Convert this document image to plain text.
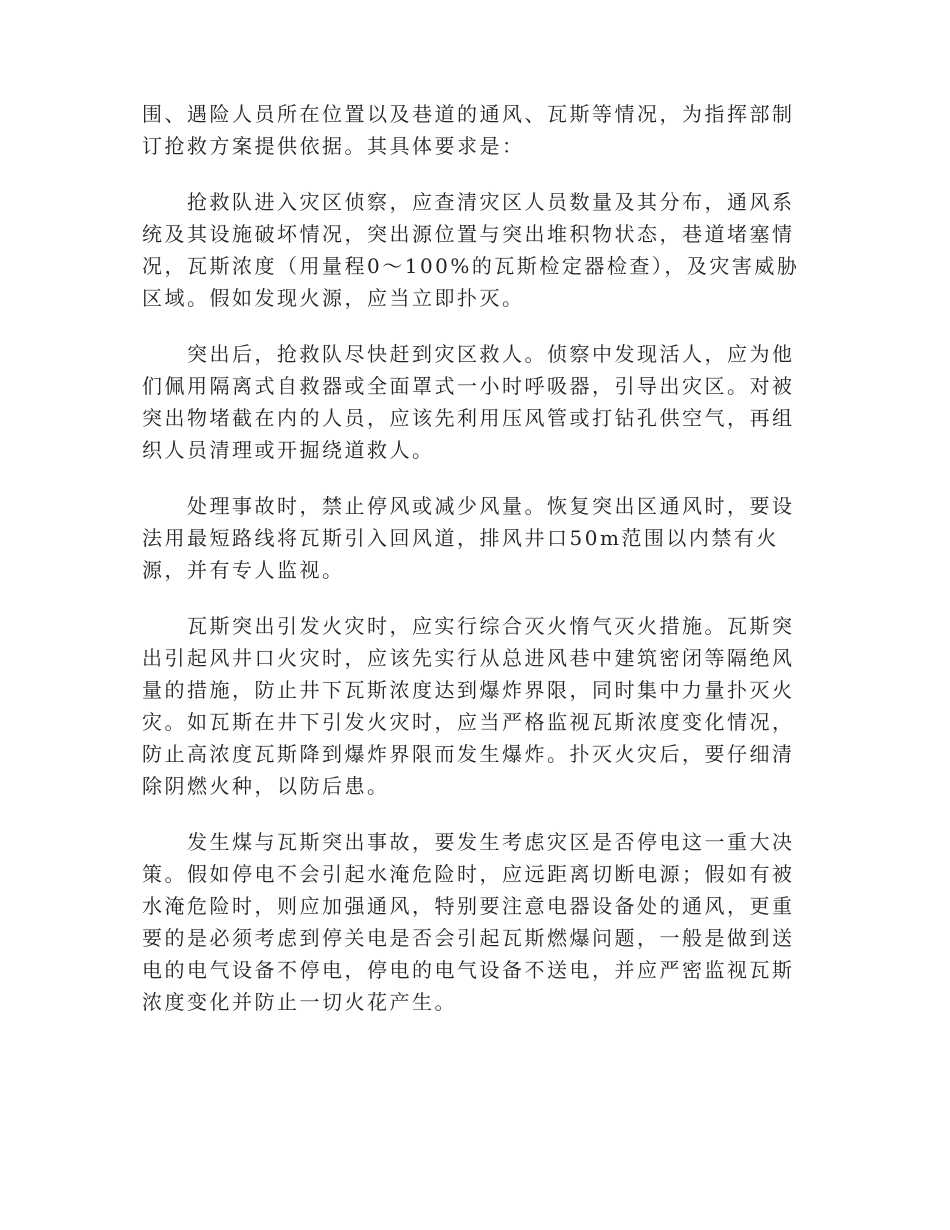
围、遇险人员所在位置以及巷道的通风、瓦斯等情况，为指挥部制订抢救方案提供依据。其具体要求是：

抢救队进入灾区侦察，应查清灾区人员数量及其分布，通风系统及其设施破坏情况，突出源位置与突出堆积物状态，巷道堵塞情况，瓦斯浓度（用量程0～100%的瓦斯检定器检查），及灾害威胁区域。假如发现火源，应当立即扑灭。

突出后，抢救队尽快赶到灾区救人。侦察中发现活人，应为他们佩用隔离式自救器或全面罩式一小时呼吸器，引导出灾区。对被突出物堵截在内的人员，应该先利用压风管或打钻孔供空气，再组织人员清理或开掘绕道救人。

处理事故时，禁止停风或减少风量。恢复突出区通风时，要设法用最短路线将瓦斯引入回风道，排风井口50m范围以内禁有火源，并有专人监视。

瓦斯突出引发火灾时，应实行综合灭火惰气灭火措施。瓦斯突出引起风井口火灾时，应该先实行从总进风巷中建筑密闭等隔绝风量的措施，防止井下瓦斯浓度达到爆炸界限，同时集中力量扑灭火灾。如瓦斯在井下引发火灾时，应当严格监视瓦斯浓度变化情况，防止高浓度瓦斯降到爆炸界限而发生爆炸。扑灭火灾后，要仔细清除阴燃火种，以防后患。

发生煤与瓦斯突出事故，要发生考虑灾区是否停电这一重大决策。假如停电不会引起水淹危险时，应远距离切断电源；假如有被水淹危险时，则应加强通风，特别要注意电器设备处的通风，更重要的是必须考虑到停关电是否会引起瓦斯燃爆问题，一般是做到送电的电气设备不停电，停电的电气设备不送电，并应严密监视瓦斯浓度变化并防止一切火花产生。
